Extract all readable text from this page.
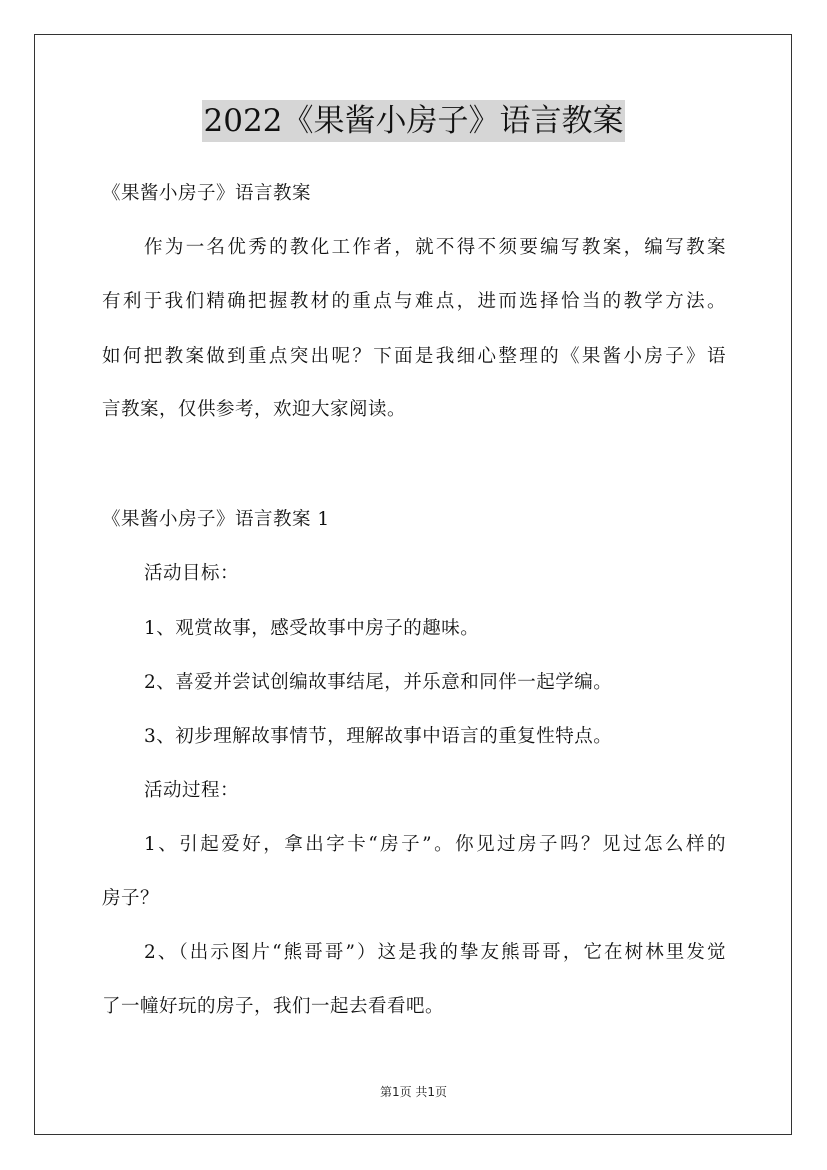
2022《果酱小房子》语言教案
《果酱小房子》语言教案
作为一名优秀的教化工作者，就不得不须要编写教案，编写教案
有利于我们精确把握教材的重点与难点，进而选择恰当的教学方法。
如何把教案做到重点突出呢？下面是我细心整理的《果酱小房子》语
言教案，仅供参考，欢迎大家阅读。
《果酱小房子》语言教案 1
活动目标：
1、观赏故事，感受故事中房子的趣味。
2、喜爱并尝试创编故事结尾，并乐意和同伴一起学编。
3、初步理解故事情节，理解故事中语言的重复性特点。
活动过程：
1、引起爱好，拿出字卡“房子”。你见过房子吗？见过怎么样的
房子？
2、（出示图片“熊哥哥”）这是我的挚友熊哥哥，它在树林里发觉
了一幢好玩的房子，我们一起去看看吧。
第1页 共1页
